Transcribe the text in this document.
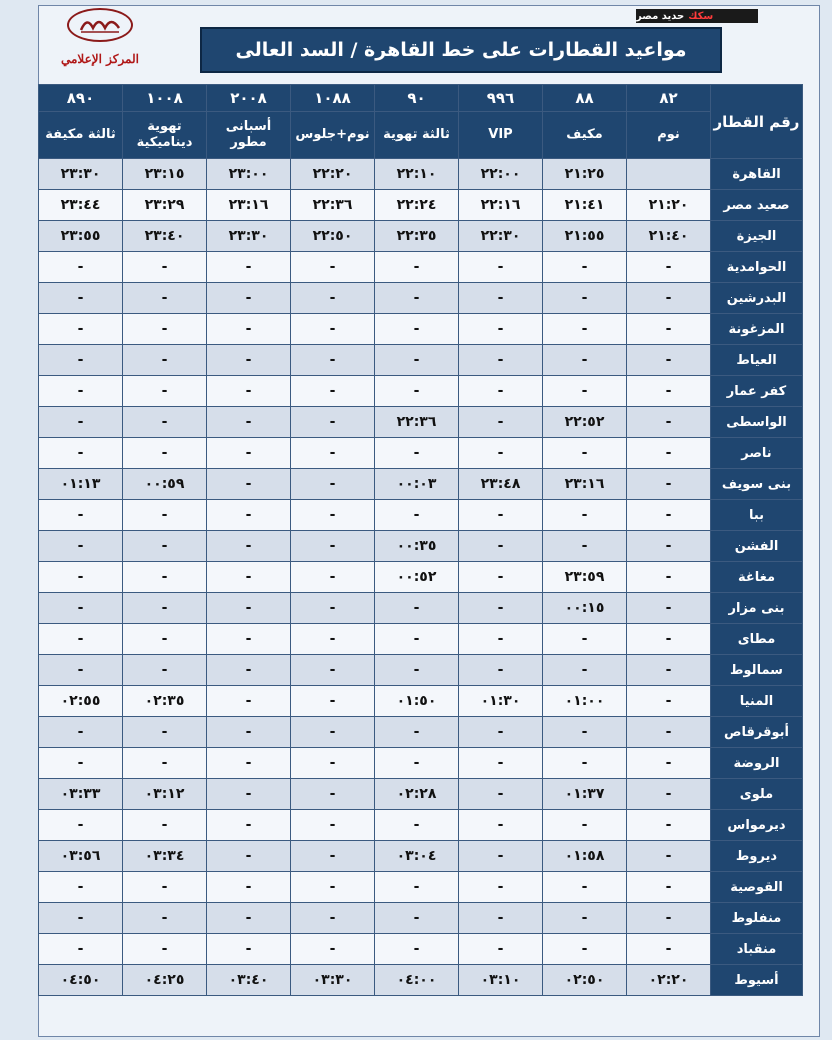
المركز الإعلامي
سكك
حديد مصر
مواعيد القطارات على خط القاهرة / السد العالى
رقم القطار	٨٢	٨٨	٩٩٦	٩٠	١٠٨٨	٢٠٠٨	١٠٠٨	٨٩٠
	نوم	مكيف	VIP	ثالثة تهوية	نوم+جلوس	أسبانى مطور	تهوية ديناميكية	ثالثة مكيفة
القاهرة		٢١:٢٥	٢٢:٠٠	٢٢:١٠	٢٢:٢٠	٢٣:٠٠	٢٣:١٥	٢٣:٣٠
صعيد مصر	٢١:٢٠	٢١:٤١	٢٢:١٦	٢٢:٢٤	٢٢:٣٦	٢٣:١٦	٢٣:٢٩	٢٣:٤٤
الجيزة	٢١:٤٠	٢١:٥٥	٢٢:٣٠	٢٢:٣٥	٢٢:٥٠	٢٣:٣٠	٢٣:٤٠	٢٣:٥٥
الحوامدية	-	-	-	-	-	-	-	-
البدرشين	-	-	-	-	-	-	-	-
المزغونة	-	-	-	-	-	-	-	-
العياط	-	-	-	-	-	-	-	-
كفر عمار	-	-	-	-	-	-	-	-
الواسطى	-	٢٢:٥٢	-	٢٢:٣٦	-	-	-	-
ناصر	-	-	-	-	-	-	-	-
بنى سويف	-	٢٣:١٦	٢٣:٤٨	٠٠:٠٣	-	-	٠٠:٥٩	٠١:١٣
ببا	-	-	-	-	-	-	-	-
الفشن	-	-	-	٠٠:٣٥	-	-	-	-
مغاغة	-	٢٣:٥٩	-	٠٠:٥٢	-	-	-	-
بنى مزار	-	٠٠:١٥	-	-	-	-	-	-
مطاى	-	-	-	-	-	-	-	-
سمالوط	-	-	-	-	-	-	-	-
المنيا	-	٠١:٠٠	٠١:٣٠	٠١:٥٠	-	-	٠٢:٣٥	٠٢:٥٥
أبوقرقاص	-	-	-	-	-	-	-	-
الروضة	-	-	-	-	-	-	-	-
ملوى	-	٠١:٣٧	-	٠٢:٢٨	-	-	٠٣:١٢	٠٣:٣٣
ديرمواس	-	-	-	-	-	-	-	-
ديروط	-	٠١:٥٨	-	٠٣:٠٤	-	-	٠٣:٣٤	٠٣:٥٦
القوصية	-	-	-	-	-	-	-	-
منفلوط	-	-	-	-	-	-	-	-
منقباد	-	-	-	-	-	-	-	-
أسيوط	٠٢:٢٠	٠٢:٥٠	٠٣:١٠	٠٤:٠٠	٠٣:٣٠	٠٣:٤٠	٠٤:٢٥	٠٤:٥٠
